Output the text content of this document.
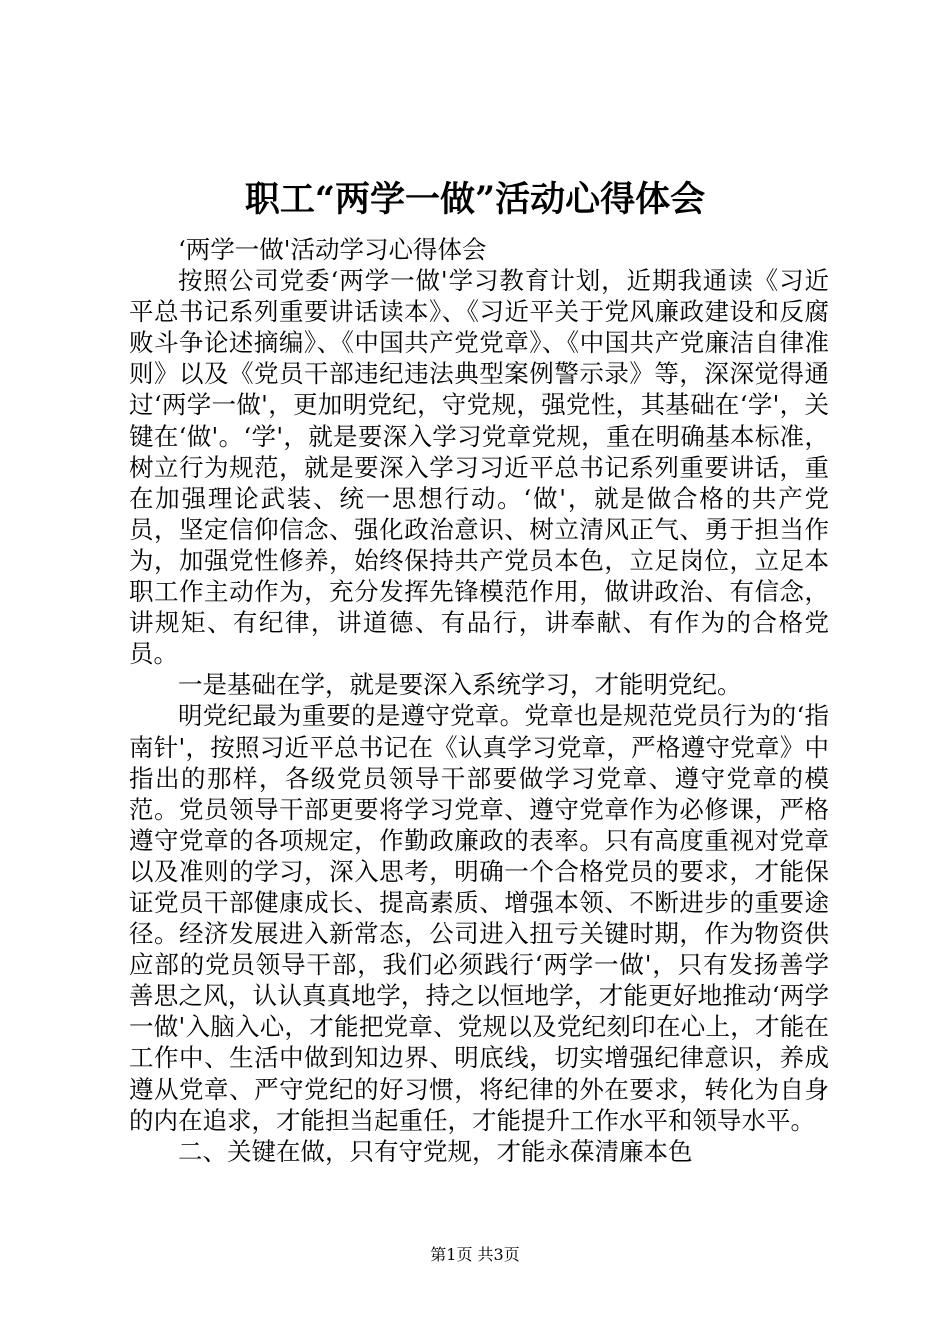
职工“两学一做”活动心得体会

‘两学一做'活动学习心得体会

按照公司党委‘两学一做'学习教育计划，近期我通读《习近平总书记系列重要讲话读本》、《习近平关于党风廉政建设和反腐败斗争论述摘编》、《中国共产党党章》、《中国共产党廉洁自律准则》以及《党员干部违纪违法典型案例警示录》等，深深觉得通过‘两学一做'，更加明党纪，守党规，强党性，其基础在‘学'，关键在‘做'。‘学'，就是要深入学习党章党规，重在明确基本标准，树立行为规范，就是要深入学习习近平总书记系列重要讲话，重在加强理论武装、统一思想行动。‘做'，就是做合格的共产党员，坚定信仰信念、强化政治意识、树立清风正气、勇于担当作为，加强党性修养，始终保持共产党员本色，立足岗位，立足本职工作主动作为，充分发挥先锋模范作用，做讲政治、有信念，讲规矩、有纪律，讲道德、有品行，讲奉献、有作为的合格党员。

一是基础在学，就是要深入系统学习，才能明党纪。

明党纪最为重要的是遵守党章。党章也是规范党员行为的‘指南针'，按照习近平总书记在《认真学习党章，严格遵守党章》中指出的那样，各级党员领导干部要做学习党章、遵守党章的模范。党员领导干部更要将学习党章、遵守党章作为必修课，严格遵守党章的各项规定，作勤政廉政的表率。只有高度重视对党章以及准则的学习，深入思考，明确一个合格党员的要求，才能保证党员干部健康成长、提高素质、增强本领、不断进步的重要途径。经济发展进入新常态，公司进入扭亏关键时期，作为物资供应部的党员领导干部，我们必须践行‘两学一做'，只有发扬善学善思之风，认认真真地学，持之以恒地学，才能更好地推动‘两学一做'入脑入心，才能把党章、党规以及党纪刻印在心上，才能在工作中、生活中做到知边界、明底线，切实增强纪律意识，养成遵从党章、严守党纪的好习惯，将纪律的外在要求，转化为自身的内在追求，才能担当起重任，才能提升工作水平和领导水平。

二、关键在做，只有守党规，才能永葆清廉本色

第1页 共3页
